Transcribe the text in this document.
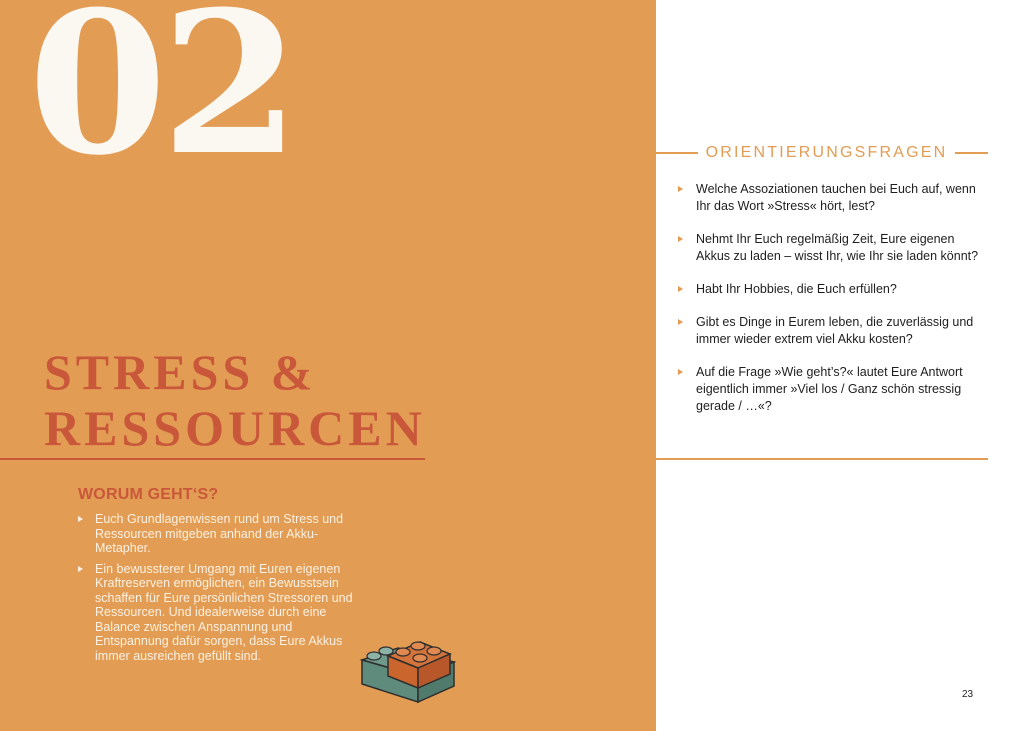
02
STRESS &
RESSOURCEN
WORUM GEHT‘S?
Euch Grundlagenwissen rund um Stress und Ressourcen mitgeben anhand der Akku-Metapher.
Ein bewussterer Umgang mit Euren eigenen Kraftreserven ermöglichen, ein Bewusstsein schaffen für Eure persönlichen Stressoren und Ressourcen. Und idealerweise durch eine Balance zwischen Anspannung und Entspannung dafür sorgen, dass Eure Akkus immer ausreichen gefüllt sind.
ORIENTIERUNGSFRAGEN
Welche Assoziationen tauchen bei Euch auf, wenn Ihr das Wort »Stress« hört, lest?
Nehmt Ihr Euch regelmäßig Zeit, Eure eigenen Akkus zu laden – wisst Ihr, wie Ihr sie laden könnt?
Habt Ihr Hobbies, die Euch erfüllen?
Gibt es Dinge in Eurem leben, die zuverlässig und immer wieder extrem viel Akku kosten?
Auf die Frage »Wie geht’s?« lautet Eure Antwort eigentlich immer »Viel los / Ganz schön stressig gerade / …«?
23
